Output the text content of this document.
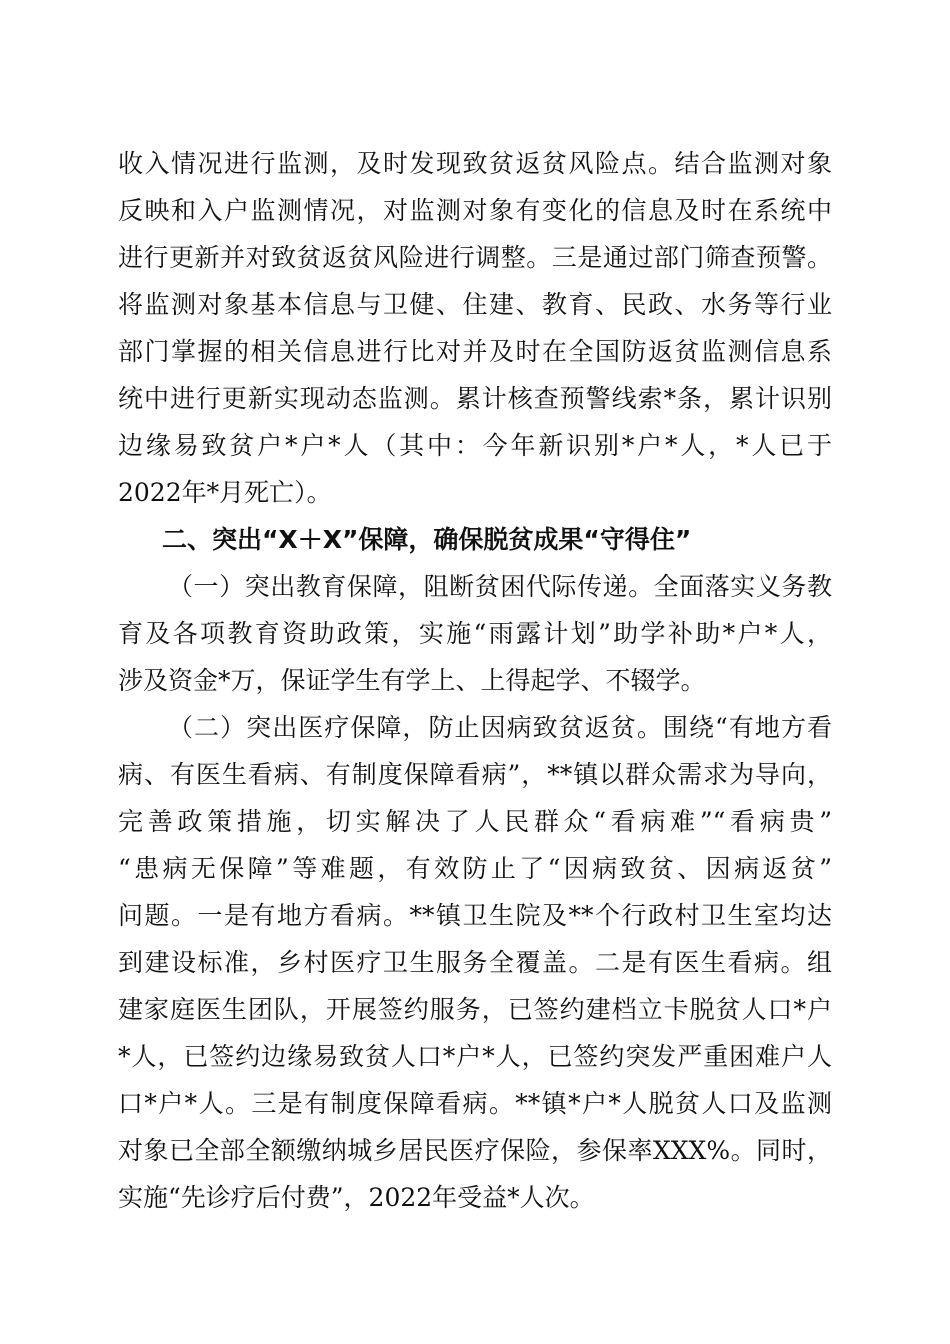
收入情况进行监测，及时发现致贫返贫风险点。结合监测对象
反映和入户监测情况，对监测对象有变化的信息及时在系统中
进行更新并对致贫返贫风险进行调整。三是通过部门筛查预警。
将监测对象基本信息与卫健、住建、教育、民政、水务等行业
部门掌握的相关信息进行比对并及时在全国防返贫监测信息系
统中进行更新实现动态监测。累计核查预警线索*条，累计识别
边缘易致贫户*户*人（其中：今年新识别*户*人，*人已于
2022年*月死亡）。
二、突出“X＋X”保障，确保脱贫成果“守得住”
（一）突出教育保障，阻断贫困代际传递。全面落实义务教
育及各项教育资助政策，实施“雨露计划”助学补助*户*人，
涉及资金*万，保证学生有学上、上得起学、不辍学。
（二）突出医疗保障，防止因病致贫返贫。围绕“有地方看
病、有医生看病、有制度保障看病”，**镇以群众需求为导向，
完善政策措施，切实解决了人民群众“看病难”“看病贵”
“患病无保障”等难题，有效防止了“因病致贫、因病返贫”
问题。一是有地方看病。**镇卫生院及**个行政村卫生室均达
到建设标准，乡村医疗卫生服务全覆盖。二是有医生看病。组
建家庭医生团队，开展签约服务，已签约建档立卡脱贫人口*户
*人，已签约边缘易致贫人口*户*人，已签约突发严重困难户人
口*户*人。三是有制度保障看病。**镇*户*人脱贫人口及监测
对象已全部全额缴纳城乡居民医疗保险，参保率XXX%。同时，
实施“先诊疗后付费”，2022年受益*人次。
